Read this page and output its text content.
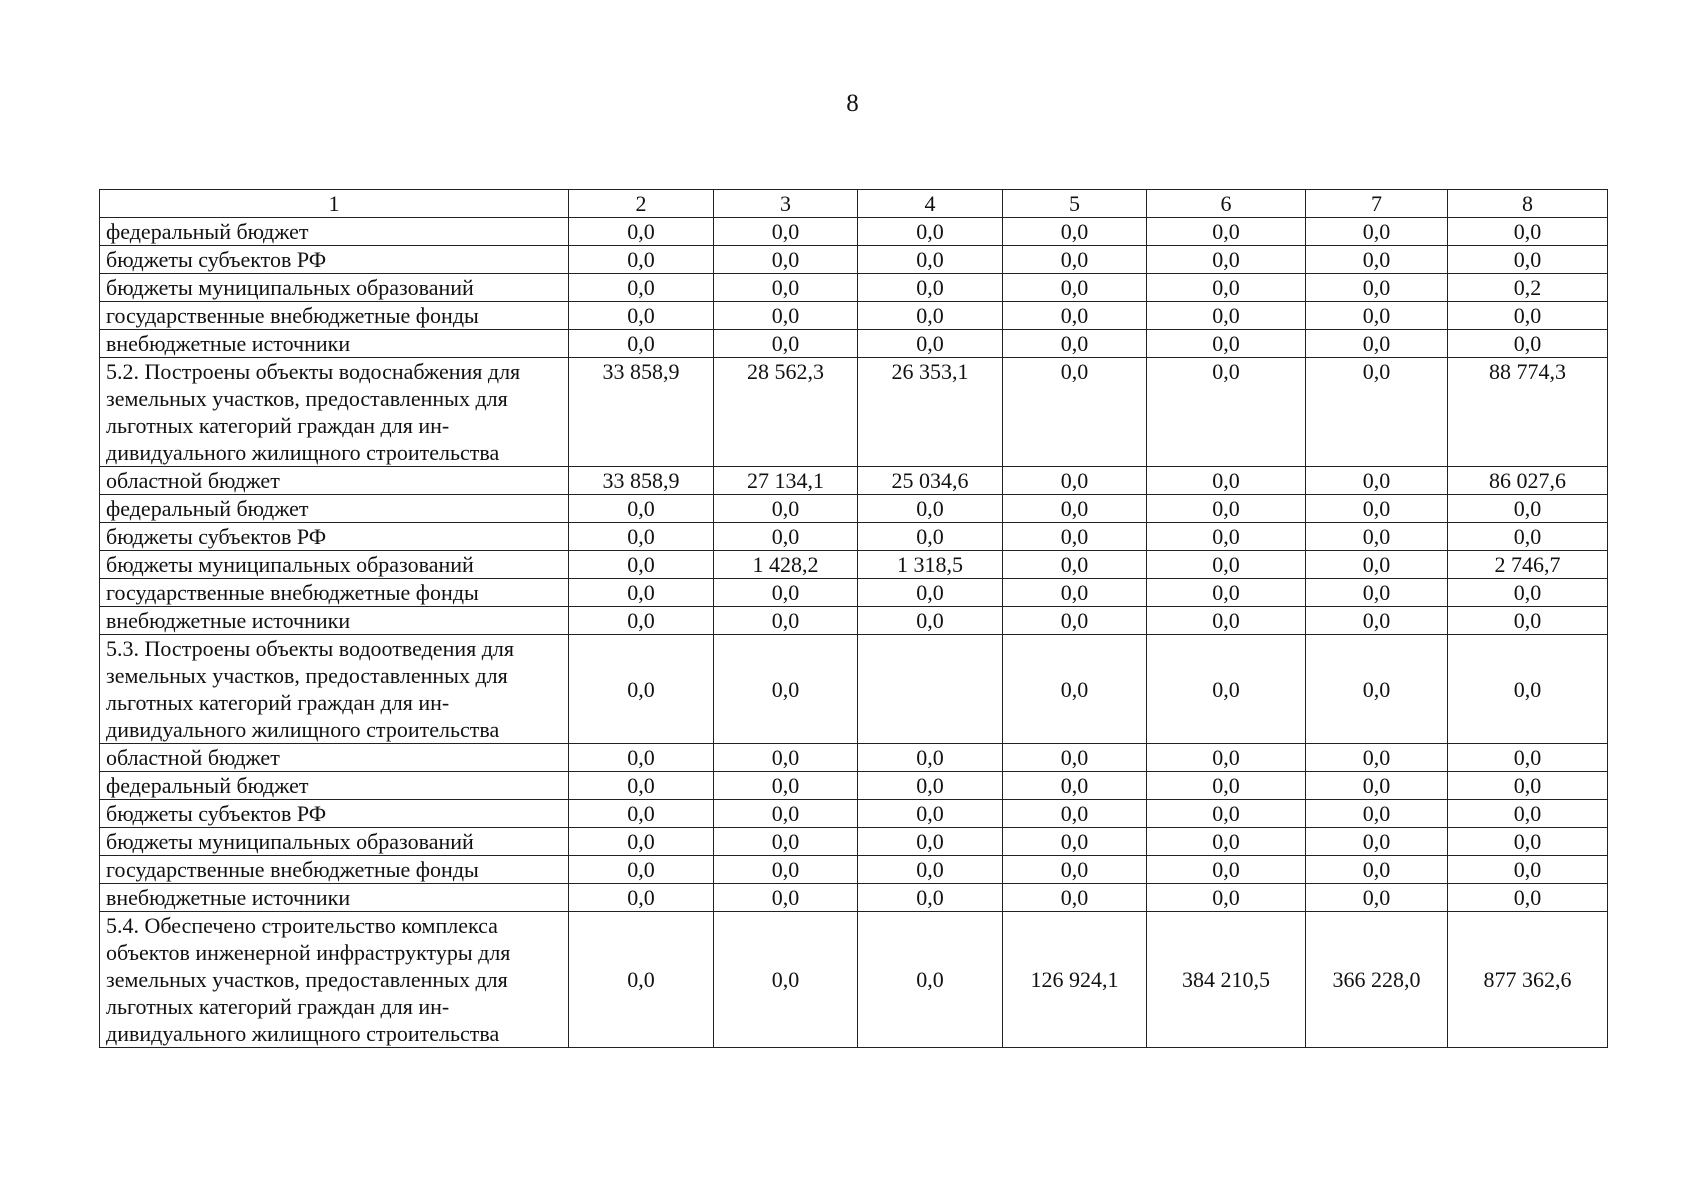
8
1	2	3	4	5	6	7	8
федеральный бюджет	0,0	0,0	0,0	0,0	0,0	0,0	0,0
бюджеты субъектов РФ	0,0	0,0	0,0	0,0	0,0	0,0	0,0
бюджеты муниципальных образований	0,0	0,0	0,0	0,0	0,0	0,0	0,2
государственные внебюджетные фонды	0,0	0,0	0,0	0,0	0,0	0,0	0,0
внебюджетные источники	0,0	0,0	0,0	0,0	0,0	0,0	0,0
5.2. Построены объекты водоснабжения для земельных участков, предоставленных для льготных категорий граждан для ин-дивидуального жилищного строительства	33 858,9	28 562,3	26 353,1	0,0	0,0	0,0	88 774,3
областной бюджет	33 858,9	27 134,1	25 034,6	0,0	0,0	0,0	86 027,6
федеральный бюджет	0,0	0,0	0,0	0,0	0,0	0,0	0,0
бюджеты субъектов РФ	0,0	0,0	0,0	0,0	0,0	0,0	0,0
бюджеты муниципальных образований	0,0	1 428,2	1 318,5	0,0	0,0	0,0	2 746,7
государственные внебюджетные фонды	0,0	0,0	0,0	0,0	0,0	0,0	0,0
внебюджетные источники	0,0	0,0	0,0	0,0	0,0	0,0	0,0
5.3. Построены объекты водоотведения для земельных участков, предоставленных для льготных категорий граждан для ин-дивидуального жилищного строительства	0,0	0,0		0,0	0,0	0,0	0,0
областной бюджет	0,0	0,0	0,0	0,0	0,0	0,0	0,0
федеральный бюджет	0,0	0,0	0,0	0,0	0,0	0,0	0,0
бюджеты субъектов РФ	0,0	0,0	0,0	0,0	0,0	0,0	0,0
бюджеты муниципальных образований	0,0	0,0	0,0	0,0	0,0	0,0	0,0
государственные внебюджетные фонды	0,0	0,0	0,0	0,0	0,0	0,0	0,0
внебюджетные источники	0,0	0,0	0,0	0,0	0,0	0,0	0,0
5.4. Обеспечено строительство комплекса объектов инженерной инфраструктуры для земельных участков, предоставленных для льготных категорий граждан для ин-дивидуального жилищного строительства	0,0	0,0	0,0	126 924,1	384 210,5	366 228,0	877 362,6
